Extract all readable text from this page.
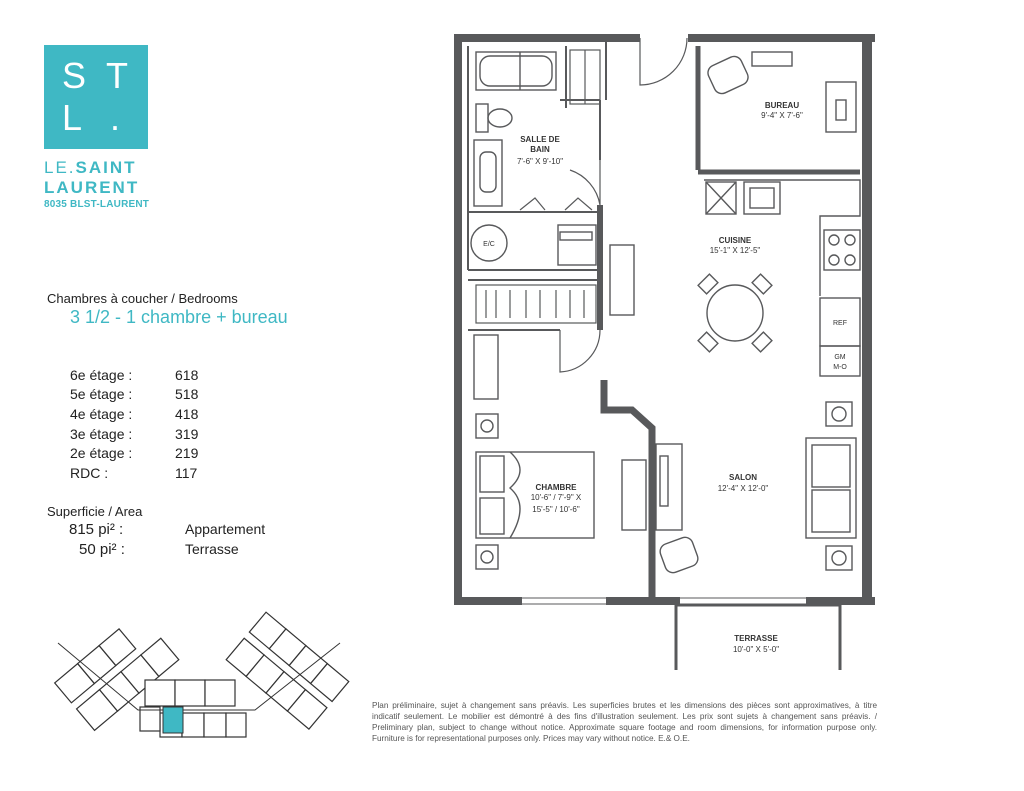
S T
L .
LE.SAINT
LAURENT
8035 BLST-LAURENT
Chambres à coucher / Bedrooms
3 1/2 - 1 chambre + bureau
6e étage :	618
5e étage :	518
4e étage :	418
3e étage :	319
2e étage :	219
RDC :	117
Superficie / Area
815 pi² :	Appartement
50 pi² :	Terrasse
BUREAU
9'-4" X 7'-6"
SALLE DE
BAIN
7'-6" X 9'-10"
E/C	CUISINE
15'-1" X 12'-5"
REF
GM
M-O
CHAMBRE
10'-6" / 7'-9" X
15'-5" / 10'-6"
SALON
12'-4" X 12'-0"
TERRASSE
10'-0" X 5'-0"
Plan préliminaire, sujet à changement sans préavis. Les superficies brutes et les dimensions des pièces sont approximatives, à titre indicatif seulement. Le mobilier est démontré à des fins d'illustration seulement. Les prix sont sujets à changement sans préavis. / Preliminary plan, subject to change without notice. Approximate square footage and room dimensions, for information purpose only. Furniture is for representational purposes only. Prices may vary without notice. E.& O.E.
